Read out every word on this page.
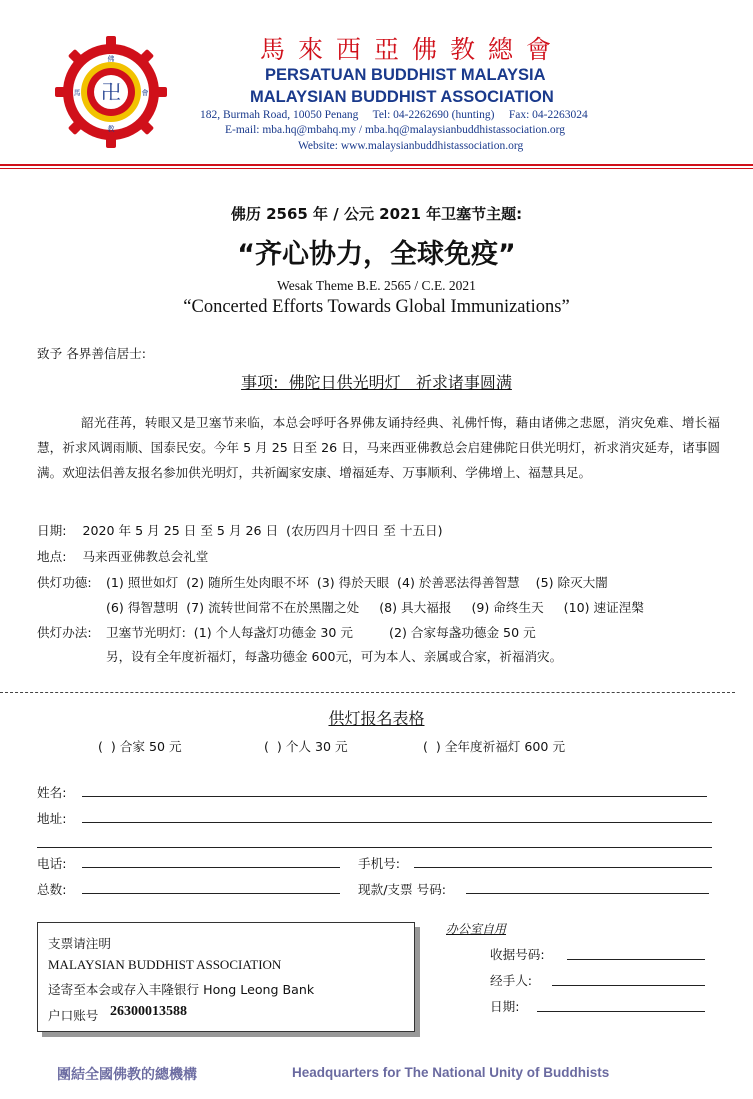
卍
佛
教
馬	會
馬來西亞佛教總會
PERSATUAN BUDDHIST MALAYSIA
MALAYSIAN BUDDHIST ASSOCIATION
182, Burmah Road, 10050 Penang     Tel: 04-2262690 (hunting)     Fax: 04-2263024
E-mail: mba.hq@mbahq.my / mba.hq@malaysianbuddhistassociation.org
Website: www.malaysianbuddhistassociation.org
佛历 2565 年 / 公元 2021 年卫塞节主题:
“齐心协力，全球免疫”
Wesak Theme B.E. 2565 / C.E. 2021
“Concerted Efforts Towards Global Immunizations”
致予 各界善信居士:
事项:  佛陀日供光明灯   祈求诸事圆满
韶光荏苒，转眼又是卫塞节来临，本总会呼吁各界佛友诵持经典、礼佛忏悔，藉由诸佛之悲愿，消灾免难、增长福慧，祈求风调雨顺、国泰民安。今年 5 月 25 日至 26 日，马来西亚佛教总会启建佛陀日供光明灯，祈求消灾延寿，诸事圆满。欢迎法侣善友报名参加供光明灯，共祈阖家安康、增福延寿、万事顺利、学佛增上、福慧具足。
日期:    2020 年 5 月 25 日 至 5 月 26 日  (农历四月十四日 至 十五日)
地点:    马来西亚佛教总会礼堂
供灯功德: (1) 照世如灯  (2) 随所生处肉眼不坏  (3) 得於天眼  (4) 於善恶法得善智慧    (5) 除灭大闇
(6) 得智慧明  (7) 流转世间常不在於黑闇之处     (8) 具大福报     (9) 命终生天     (10) 速证涅槃
供灯办法: 卫塞节光明灯:  (1) 个人每盏灯功德金 30 元         (2) 合家每盏功德金 50 元
另，设有全年度祈福灯，每盏功德金 600元，可为本人、亲属或合家，祈福消灾。
供灯报名表格
(  ) 合家 50 元	(  ) 个人 30 元	(  ) 全年度祈福灯 600 元
姓名:
地址:
电话:	手机号:
总数:	现款/支票 号码:
支票请注明
MALAYSIAN BUDDHIST ASSOCIATION
迳寄至本会或存入丰隆银行 Hong Leong Bank
户口账号 26300013588
办公室自用
收据号码:
经手人:
日期:
團結全國佛教的總機構	Headquarters for The National Unity of Buddhists
